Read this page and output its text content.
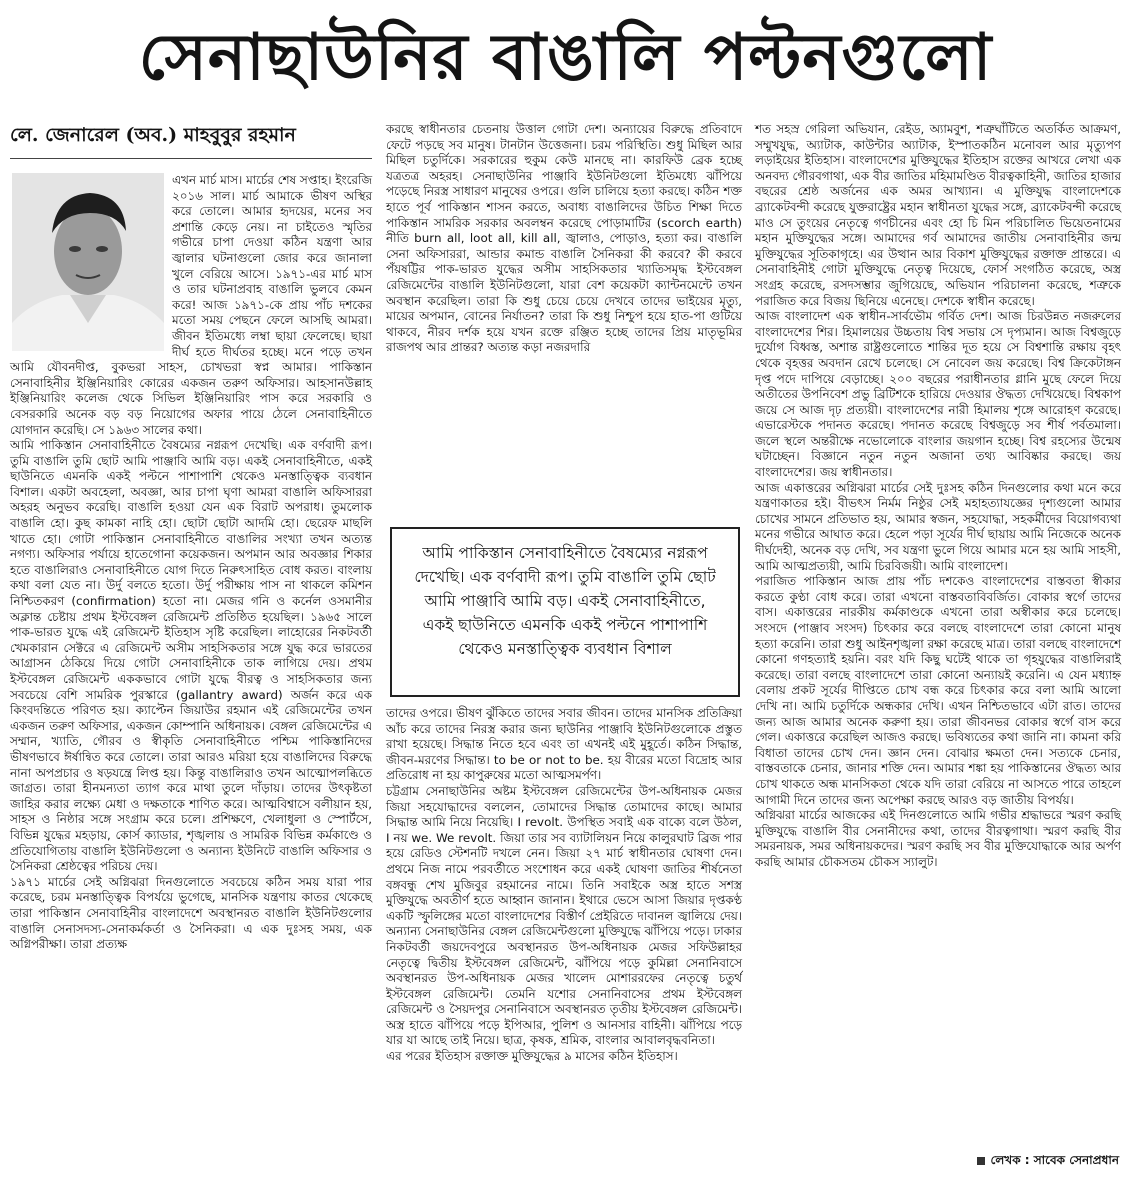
সেনাছাউনির বাঙালি পল্টনগুলো
লে. জেনারেল (অব.) মাহবুবুর রহমান

এখন মার্চ মাস। মার্চের শেষ সপ্তাহ। ইংরেজি ২০১৬ সাল। মার্চ আমাকে ভীষণ অস্থির করে তোলে। আমার হৃদয়ের, মনের সব প্রশান্তি কেড়ে নেয়। না চাইতেও স্মৃতির গভীরে চাপা দেওয়া কঠিন যন্ত্রণা আর জ্বালার ঘটনাগুলো জোর করে জানালা খুলে বেরিয়ে আসে। ১৯৭১-এর মার্চ মাস ও তার ঘটনাপ্রবাহ বাঙালি ভুলবে কেমন করে! আজ ১৯৭১-কে প্রায় পাঁচ দশকের মতো সময় পেছনে ফেলে আসছি আমরা। জীবন ইতিমধ্যে লম্বা ছায়া ফেলেছে। ছায়া দীর্ঘ হতে দীর্ঘতর হচ্ছে। মনে পড়ে তখন আমি যৌবনদীপ্ত, বুকভরা সাহস, চোখভরা স্বপ্ন আমার। পাকিস্তান সেনাবাহিনীর ইঞ্জিনিয়ারিং কোরের একজন তরুণ অফিসার। আহসানউল্লাহ ইঞ্জিনিয়ারিং কলেজ থেকে সিভিল ইঞ্জিনিয়ারিং পাস করে সরকারি ও বেসরকারি অনেক বড় বড় নিয়োগের অফার পায়ে ঠেলে সেনাবাহিনীতে যোগদান করেছি। সে ১৯৬৩ সালের কথা।

আমি পাকিস্তান সেনাবাহিনীতে বৈষম্যের নগ্নরূপ দেখেছি। এক বর্ণবাদী রূপ। তুমি বাঙালি তুমি ছোট আমি পাঞ্জাবি আমি বড়। একই সেনাবাহিনীতে, একই ছাউনিতে এমনকি একই পল্টনে পাশাপাশি থেকেও মনস্তাত্ত্বিক ব্যবধান বিশাল। একটা অবহেলা, অবজ্ঞা, আর চাপা ঘৃণা আমরা বাঙালি অফিসাররা অহরহ অনুভব করেছি। বাঙালি হওয়া যেন এক বিরাট অপরাধ। তুমলোক বাঙালি হো। কুছ কামকা নাহি হো। ছোটা ছোটা আদমি হো। ছেরেফ মাছলি খাতে হো। গোটা পাকিস্তান সেনাবাহিনীতে বাঙালির সংখ্যা তখন অত্যন্ত নগণ্য। অফিসার পর্যায়ে হাতেগোনা কয়েকজন। অপমান আর অবজ্ঞার শিকার হতে বাঙালিরাও সেনাবাহিনীতে যোগ দিতে নিরুৎসাহিত বোধ করত। বাংলায় কথা বলা যেত না। উর্দু বলতে হতো। উর্দু পরীক্ষায় পাস না থাকলে কমিশন নিশ্চিতকরণ (confirmation) হতো না। মেজর গনি ও কর্নেল ওসমানীর অক্লান্ত চেষ্টায় প্রথম ইস্টবেঙ্গল রেজিমেন্ট প্রতিষ্ঠিত হয়েছিল। ১৯৬৫ সালে পাক-ভারত যুদ্ধে এই রেজিমেন্ট ইতিহাস সৃষ্টি করেছিল। লাহোরের নিকটবর্তী খেমকারান সেক্টরে এ রেজিমেন্ট অসীম সাহসিকতার সঙ্গে যুদ্ধ করে ভারতের আগ্রাসন ঠেকিয়ে দিয়ে গোটা সেনাবাহিনীকে তাক লাগিয়ে দেয়। প্রথম ইস্টবেঙ্গল রেজিমেন্ট এককভাবে গোটা যুদ্ধে বীরত্ব ও সাহসিকতার জন্য সবচেয়ে বেশি সামরিক পুরস্কারে (gallantry award) অর্জন করে এক কিংবদন্তিতে পরিণত হয়। ক্যাপ্টেন জিয়াউর রহমান এই রেজিমেন্টের তখন একজন তরুণ অফিসার, একজন কোম্পানি অধিনায়ক। বেঙ্গল রেজিমেন্টের এ সম্মান, খ্যাতি, গৌরব ও স্বীকৃতি সেনাবাহিনীতে পশ্চিম পাকিস্তানিদের ভীষণভাবে ঈর্ষান্বিত করে তোলে। তারা আরও মরিয়া হয়ে বাঙালিদের বিরুদ্ধে নানা অপপ্রচার ও ষড়যন্ত্রে লিপ্ত হয়। কিন্তু বাঙালিরাও তখন আত্মোপলব্ধিতে জাগ্রত। তারা হীনমন্যতা ত্যাগ করে মাথা তুলে দাঁড়ায়। তাদের উৎকৃষ্টতা জাহির করার লক্ষ্যে মেধা ও দক্ষতাকে শাণিত করে। আত্মবিশ্বাসে বলীয়ান হয়, সাহস ও নিষ্ঠার সঙ্গে সংগ্রাম করে চলে। প্রশিক্ষণে, খেলাধুলা ও স্পোর্টসে, বিভিন্ন যুদ্ধের মহড়ায়, কোর্স ক্যাডার, শৃঙ্খলায় ও সামরিক বিভিন্ন কর্মকাণ্ডে ও প্রতিযোগিতায় বাঙালি ইউনিটগুলো ও অন্যান্য ইউনিটে বাঙালি অফিসার ও সৈনিকরা শ্রেষ্ঠত্বের পরিচয় দেয়।

১৯৭১ মার্চের সেই অগ্নিঝরা দিনগুলোতে সবচেয়ে কঠিন সময় যারা পার করেছে, চরম মনস্তাত্ত্বিক বিপর্যয়ে ভুগেছে, মানসিক যন্ত্রণায় কাতর থেকেছে তারা পাকিস্তান সেনাবাহিনীর বাংলাদেশে অবস্থানরত বাঙালি ইউনিটগুলোর বাঙালি সেনাসদস্য-সেনাকর্মকর্তা ও সৈনিকরা। এ এক দুঃসহ সময়, এক অগ্নিপরীক্ষা। তারা প্রত্যক্ষ

করছে স্বাধীনতার চেতনায় উত্তাল গোটা দেশ। অন্যায়ের বিরুদ্ধে প্রতিবাদে ফেটে পড়ছে সব মানুষ। টানটান উত্তেজনা। চরম পরিস্থিতি। শুধু মিছিল আর মিছিল চতুর্দিকে। সরকারের হুকুম কেউ মানছে না। কারফিউ ব্রেক হচ্ছে যত্রতত্র অহরহ। সেনাছাউনির পাঞ্জাবি ইউনিটগুলো ইতিমধ্যে ঝাঁপিয়ে পড়েছে নিরস্ত্র সাধারণ মানুষের ওপরে। গুলি চালিয়ে হত্যা করছে। কঠিন শক্ত হাতে পূর্ব পাকিস্তান শাসন করতে, অবাধ্য বাঙালিদের উচিত শিক্ষা দিতে পাকিস্তান সামরিক সরকার অবলম্বন করেছে পোড়ামাটির (scorch earth) নীতি burn all, loot all, kill all, জ্বালাও, পোড়াও, হত্যা কর। বাঙালি সেনা অফিসাররা, আন্ডার কমান্ড বাঙালি সৈনিকরা কী করবে? কী করবে পঁয়ষট্টির পাক-ভারত যুদ্ধের অসীম সাহসিকতার খ্যাতিসমৃদ্ধ ইস্টবেঙ্গল রেজিমেন্টের বাঙালি ইউনিটগুলো, যারা বেশ কয়েকটা ক্যান্টনমেন্টে তখন অবস্থান করেছিল। তারা কি শুধু চেয়ে চেয়ে দেখবে তাদের ভাইয়ের মৃত্যু, মায়ের অপমান, বোনের নির্যাতন? তারা কি শুধু নিশ্চুপ হয়ে হাত-পা গুটিয়ে থাকবে, নীরব দর্শক হয়ে যখন রক্তে রঞ্জিত হচ্ছে তাদের প্রিয় মাতৃভূমির রাজপথ আর প্রান্তর? অত্যন্ত কড়া নজরদারি

আমি পাকিস্তান সেনাবাহিনীতে বৈষম্যের নগ্নরূপ দেখেছি। এক বর্ণবাদী রূপ। তুমি বাঙালি তুমি ছোট আমি পাঞ্জাবি আমি বড়। একই সেনাবাহিনীতে, একই ছাউনিতে এমনকি একই পল্টনে পাশাপাশি থেকেও মনস্তাত্ত্বিক ব্যবধান বিশাল

তাদের ওপরে। ভীষণ ঝুঁকিতে তাদের সবার জীবন। তাদের মানসিক প্রতিক্রিয়া আঁচ করে তাদের নিরস্ত্র করার জন্য ছাউনির পাঞ্জাবি ইউনিটগুলোকে প্রস্তুত রাখা হয়েছে। সিদ্ধান্ত নিতে হবে এবং তা এখনই এই মুহূর্তে। কঠিন সিদ্ধান্ত, জীবন-মরণের সিদ্ধান্ত। to be or not to be. হয় বীরের মতো বিদ্রোহ আর প্রতিরোধ না হয় কাপুরুষের মতো আত্মসমর্পণ।

চট্টগ্রাম সেনাছাউনির অষ্টম ইস্টবেঙ্গল রেজিমেন্টের উপ-অধিনায়ক মেজর জিয়া সহযোদ্ধাদের বললেন, তোমাদের সিদ্ধান্ত তোমাদের কাছে। আমার সিদ্ধান্ত আমি নিয়ে নিয়েছি। I revolt. উপস্থিত সবাই এক বাক্যে বলে উঠল, I নয় we. We revolt. জিয়া তার সব ব্যাটালিয়ন নিয়ে কালুরঘাট ব্রিজ পার হয়ে রেডিও স্টেশনটি দখলে নেন। জিয়া ২৭ মার্চ স্বাধীনতার ঘোষণা দেন। প্রথমে নিজ নামে পরবর্তীতে সংশোধন করে একই ঘোষণা জাতির শীর্ষনেতা বঙ্গবন্ধু শেখ মুজিবুর রহমানের নামে। তিনি সবাইকে অস্ত্র হাতে সশস্ত্র মুক্তিযুদ্ধে অবতীর্ণ হতে আহ্বান জানান। ইথারে ভেসে আসা জিয়ার দৃপ্তকণ্ঠ একটি স্ফুলিঙ্গের মতো বাংলাদেশের বিস্তীর্ণ প্রেইরিতে দাবানল জ্বালিয়ে দেয়। অন্যান্য সেনাছাউনির বেঙ্গল রেজিমেন্টগুলো মুক্তিযুদ্ধে ঝাঁপিয়ে পড়ে। ঢাকার নিকটবর্তী জয়দেবপুরে অবস্থানরত উপ-অধিনায়ক মেজর সফিউল্লাহর নেতৃত্বে দ্বিতীয় ইস্টবেঙ্গল রেজিমেন্ট, ঝাঁপিয়ে পড়ে কুমিল্লা সেনানিবাসে অবস্থানরত উপ-অধিনায়ক মেজর খালেদ মোশাররফের নেতৃত্বে চতুর্থ ইস্টবেঙ্গল রেজিমেন্ট। তেমনি যশোর সেনানিবাসের প্রথম ইস্টবেঙ্গল রেজিমেন্ট ও সৈয়দপুর সেনানিবাসে অবস্থানরত তৃতীয় ইস্টবেঙ্গল রেজিমেন্ট। অস্ত্র হাতে ঝাঁপিয়ে পড়ে ইপিআর, পুলিশ ও আনসার বাহিনী। ঝাঁপিয়ে পড়ে যার যা আছে তাই নিয়ে। ছাত্র, কৃষক, শ্রমিক, বাংলার আবালবৃদ্ধবনিতা।

এর পরের ইতিহাস রক্তাক্ত মুক্তিযুদ্ধের ৯ মাসের কঠিন ইতিহাস।

শত সহস্র গেরিলা অভিযান, রেইড, অ্যামবুশ, শত্রুঘাঁটিতে অতর্কিত আক্রমণ, সম্মুখযুদ্ধ, অ্যাটাক, কাউন্টার অ্যাটাক, ইস্পাতকঠিন মনোবল আর মৃত্যুপণ লড়াইয়ের ইতিহাস। বাংলাদেশের মুক্তিযুদ্ধের ইতিহাস রক্তের আখরে লেখা এক অনবদ্য গৌরবগাথা, এক বীর জাতির মহিমামণ্ডিত বীরত্বকাহিনী, জাতির হাজার বছরের শ্রেষ্ঠ অর্জনের এক অমর আখ্যান। এ মুক্তিযুদ্ধ বাংলাদেশকে ব্র্যাকেটবন্দী করেছে যুক্তরাষ্ট্রের মহান স্বাধীনতা যুদ্ধের সঙ্গে, ব্র্যাকেটবন্দী করেছে মাও সে তুংয়ের নেতৃত্বে গণচীনের এবং হো চি মিন পরিচালিত ভিয়েতনামের মহান মুক্তিযুদ্ধের সঙ্গে। আমাদের গর্ব আমাদের জাতীয় সেনাবাহিনীর জন্ম মুক্তিযুদ্ধের সূতিকাগৃহে। এর উত্থান আর বিকাশ মুক্তিযুদ্ধের রক্তাক্ত প্রান্তরে। এ সেনাবাহিনীই গোটা মুক্তিযুদ্ধে নেতৃত্ব দিয়েছে, ফোর্স সংগঠিত করেছে, অস্ত্র সংগ্রহ করেছে, রসদসম্ভার জুগিয়েছে, অভিযান পরিচালনা করেছে, শত্রুকে পরাজিত করে বিজয় ছিনিয়ে এনেছে। দেশকে স্বাধীন করেছে।

আজ বাংলাদেশ এক স্বাধীন-সার্বভৌম গর্বিত দেশ। আজ চিরউন্নত নজরুলের বাংলাদেশের শির। হিমালয়ের উচ্চতায় বিশ্ব সভায় সে দৃপ্যমান। আজ বিশ্বজুড়ে দুর্যোগ বিধ্বস্ত, অশান্ত রাষ্ট্রগুলোতে শান্তির দূত হয়ে সে বিশ্বশান্তি রক্ষায় বৃহৎ থেকে বৃহত্তর অবদান রেখে চলেছে। সে নোবেল জয় করেছে। বিশ্ব ক্রিকেটাঙ্গন দৃপ্ত পদে দাপিয়ে বেড়াচ্ছে। ২০০ বছরের পরাধীনতার গ্লানি মুছে ফেলে দিয়ে অতীতের উপনিবেশ প্রভু ব্রিটিশকে হারিয়ে দেওয়ার ঔদ্ধত্য দেখিয়েছে। বিশ্বকাপ জয়ে সে আজ দৃঢ় প্রত্যয়ী। বাংলাদেশের নারী হিমালয় শৃঙ্গে আরোহণ করেছে। এভারেস্টকে পদানত করেছে। পদানত করেছে বিশ্বজুড়ে সব শীর্ষ পর্বতমালা। জলে স্থলে অন্তরীক্ষে নভোলোকে বাংলার জয়গান হচ্ছে। বিশ্ব রহস্যের উন্মেষ ঘটাচ্ছেন। বিজ্ঞানে নতুন নতুন অজানা তথ্য আবিষ্কার করছে। জয় বাংলাদেশের। জয় স্বাধীনতার।

আজ একাত্তরের অগ্নিঝরা মার্চের সেই দুঃসহ কঠিন দিনগুলোর কথা মনে করে যন্ত্রণাকাতর হই। বীভৎস নির্মম নিষ্ঠুর সেই মহাহত্যাযজ্ঞের দৃশ্যগুলো আমার চোখের সামনে প্রতিভাত হয়, আমার স্বজন, সহযোদ্ধা, সহকর্মীদের বিয়োগব্যথা মনের গভীরে আঘাত করে। হেলে পড়া সূর্যের দীর্ঘ ছায়ায় আমি নিজেকে অনেক দীর্ঘদেহী, অনেক বড় দেখি, সব যন্ত্রণা ভুলে গিয়ে আমার মনে হয় আমি সাহসী, আমি আত্মপ্রত্যয়ী, আমি চিরবিজয়ী। আমি বাংলাদেশ।

পরাজিত পাকিস্তান আজ প্রায় পাঁচ দশকেও বাংলাদেশের বাস্তবতা স্বীকার করতে কুণ্ঠা বোধ করে। তারা এখনো বাস্তবতাবিবর্জিত। বোকার স্বর্গে তাদের বাস। একাত্তরের নারকীয় কর্মকাণ্ডকে এখনো তারা অস্বীকার করে চলেছে। সংসদে (পাঞ্জাব সংসদ) চিৎকার করে বলছে বাংলাদেশে তারা কোনো মানুষ হত্যা করেনি। তারা শুধু আইনশৃঙ্খলা রক্ষা করেছে মাত্র। তারা বলছে বাংলাদেশে কোনো গণহত্যাই হয়নি। বরং যদি কিছু ঘটেই থাকে তা গৃহযুদ্ধের বাঙালিরাই করেছে। তারা বলছে বাংলাদেশে তারা কোনো অন্যায়ই করেনি। এ যেন মধ্যাহ্ন বেলায় প্রকট সূর্যের দীপ্তিতে চোখ বন্ধ করে চিৎকার করে বলা আমি আলো দেখি না। আমি চতুর্দিকে অন্ধকার দেখি। এখন নিশ্চিতভাবে এটা রাত। তাদের জন্য আজ আমার অনেক করুণা হয়। তারা জীবনভর বোকার স্বর্গে বাস করে গেল। একাত্তরে করেছিল আজও করছে। ভবিষ্যতের কথা জানি না। কামনা করি বিধাতা তাদের চোখ দেন। জ্ঞান দেন। বোঝার ক্ষমতা দেন। সত্যকে চেনার, বাস্তবতাকে চেনার, জানার শক্তি দেন। আমার শঙ্কা হয় পাকিস্তানের ঔদ্ধত্য আর চোখ থাকতে অন্ধ মানসিকতা থেকে যদি তারা বেরিয়ে না আসতে পারে তাহলে আগামী দিনে তাদের জন্য অপেক্ষা করছে আরও বড় জাতীয় বিপর্যয়।

অগ্নিঝরা মার্চের আজকের এই দিনগুলোতে আমি গভীর শ্রদ্ধাভরে স্মরণ করছি মুক্তিযুদ্ধে বাঙালি বীর সেনানীদের কথা, তাদের বীরত্বগাথা। স্মরণ করছি বীর সমরনায়ক, সমর অধিনায়কদের। স্মরণ করছি সব বীর মুক্তিযোদ্ধাকে আর অর্পণ করছি আমার চৌকসতম চৌকস স্যালুট।

লেখক : সাবেক সেনাপ্রধান
